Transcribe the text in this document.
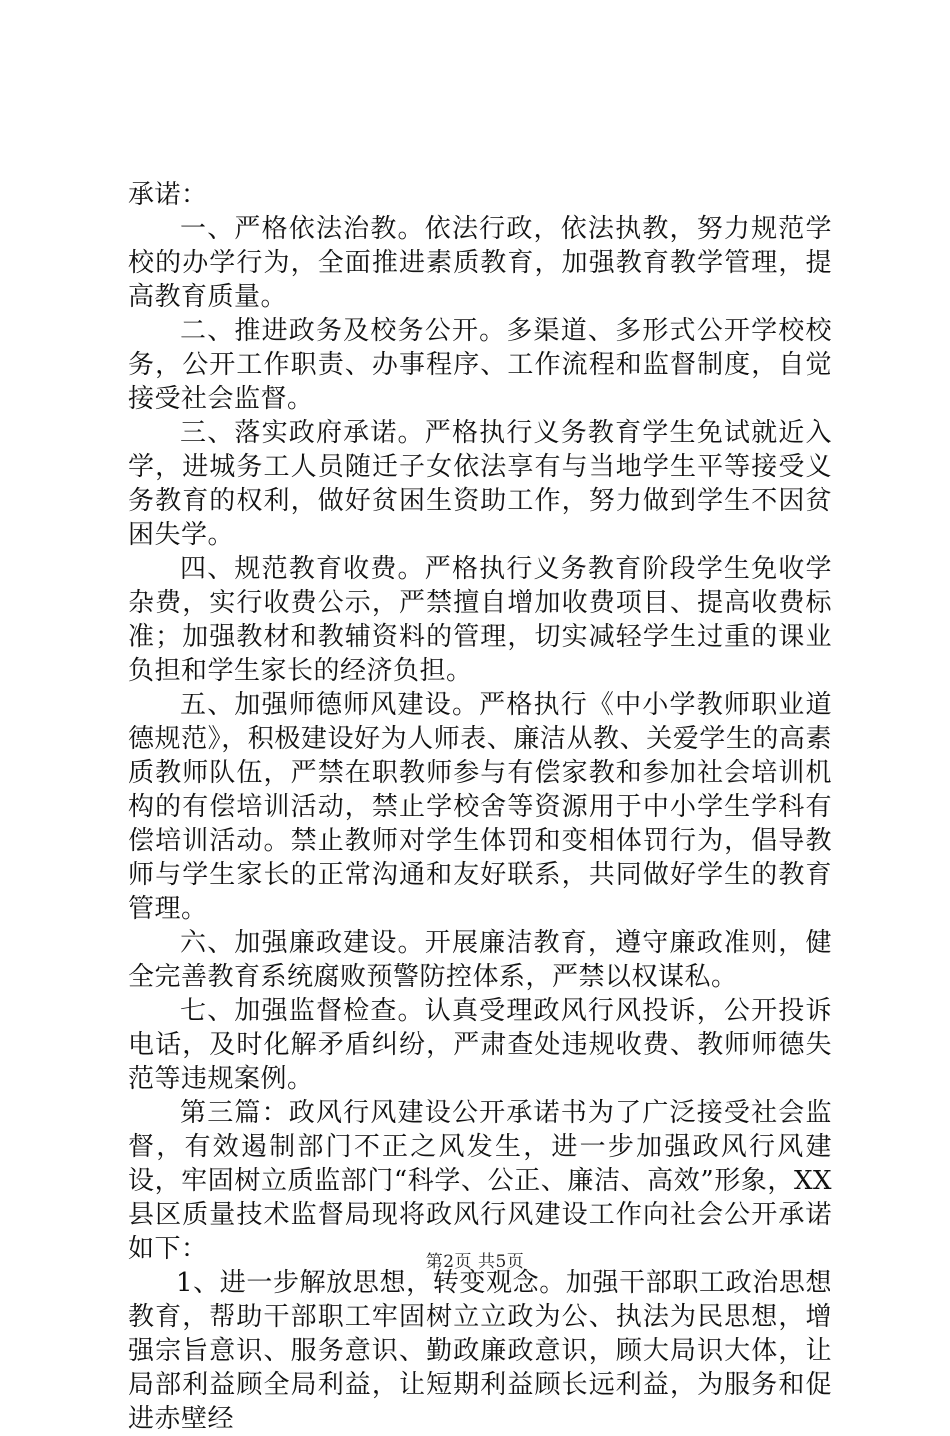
承诺：

一、严格依法治教。依法行政，依法执教，努力规范学校的办学行为，全面推进素质教育，加强教育教学管理，提高教育质量。

二、推进政务及校务公开。多渠道、多形式公开学校校务，公开工作职责、办事程序、工作流程和监督制度，自觉接受社会监督。

三、落实政府承诺。严格执行义务教育学生免试就近入学，进城务工人员随迁子女依法享有与当地学生平等接受义务教育的权利，做好贫困生资助工作，努力做到学生不因贫困失学。

四、规范教育收费。严格执行义务教育阶段学生免收学杂费，实行收费公示，严禁擅自增加收费项目、提高收费标准；加强教材和教辅资料的管理，切实减轻学生过重的课业负担和学生家长的经济负担。

五、加强师德师风建设。严格执行《中小学教师职业道德规范》，积极建设好为人师表、廉洁从教、关爱学生的高素质教师队伍，严禁在职教师参与有偿家教和参加社会培训机构的有偿培训活动，禁止学校舍等资源用于中小学生学科有偿培训活动。禁止教师对学生体罚和变相体罚行为，倡导教师与学生家长的正常沟通和友好联系，共同做好学生的教育管理。

六、加强廉政建设。开展廉洁教育，遵守廉政准则，健全完善教育系统腐败预警防控体系，严禁以权谋私。

七、加强监督检查。认真受理政风行风投诉，公开投诉电话，及时化解矛盾纠纷，严肃查处违规收费、教师师德失范等违规案例。

第三篇：政风行风建设公开承诺书为了广泛接受社会监督，有效遏制部门不正之风发生，进一步加强政风行风建设，牢固树立质监部门“科学、公正、廉洁、高效”形象，XX县区质量技术监督局现将政风行风建设工作向社会公开承诺如下：

1、进一步解放思想，转变观念。加强干部职工政治思想教育，帮助干部职工牢固树立立政为公、执法为民思想，增强宗旨意识、服务意识、勤政廉政意识，顾大局识大体，让局部利益顾全局利益，让短期利益顾长远利益，为服务和促进赤壁经

第2页 共5页
